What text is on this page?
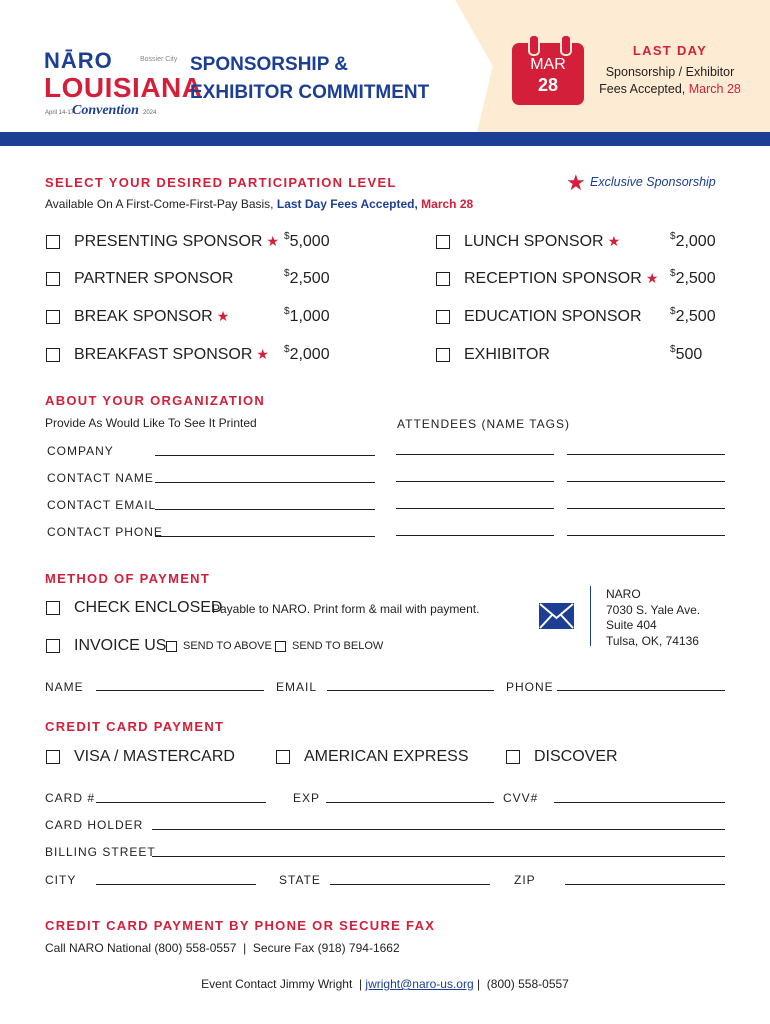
NĀRO	Bossier City
LOUISIANA
April 14-17
Convention 2024
SPONSORSHIP &
EXHIBITOR COMMITMENT
MAR
28
LAST DAY
Sponsorship / Exhibitor
Fees Accepted, March 28
SELECT YOUR DESIRED PARTICIPATION LEVEL	★ Exclusive Sponsorship
Available On A First-Come-First-Pay Basis, Last Day Fees Accepted, March 28
PRESENTING SPONSOR ★ $5,000
PARTNER SPONSOR	$2,500
BREAK SPONSOR ★	$1,000
BREAKFAST SPONSOR ★ $2,000
LUNCH SPONSOR ★	$2,000
RECEPTION SPONSOR ★ $2,500
EDUCATION SPONSOR	$2,500
EXHIBITOR	$500
ABOUT YOUR ORGANIZATION
Provide As Would Like To See It Printed	ATTENDEES (NAME TAGS)
COMPANY
CONTACT NAME
CONTACT EMAIL
CONTACT PHONE
METHOD OF PAYMENT
CHECK ENCLOSED
Payable to NARO. Print form & mail with payment.
INVOICE US SEND TO ABOVE SEND TO BELOW
NARO
7030 S. Yale Ave.
Suite 404
Tulsa, OK, 74136
NAME	EMAIL	PHONE
CREDIT CARD PAYMENT
VISA / MASTERCARD	AMERICAN EXPRESS	DISCOVER
CARD #	EXP	CVV#
CARD HOLDER
BILLING STREET
CITY	STATE	ZIP
CREDIT CARD PAYMENT BY PHONE OR SECURE FAX
Call NARO National (800) 558-0557  |  Secure Fax (918) 794-1662
Event Contact Jimmy Wright  | jwright@naro-us.org |  (800) 558-0557
